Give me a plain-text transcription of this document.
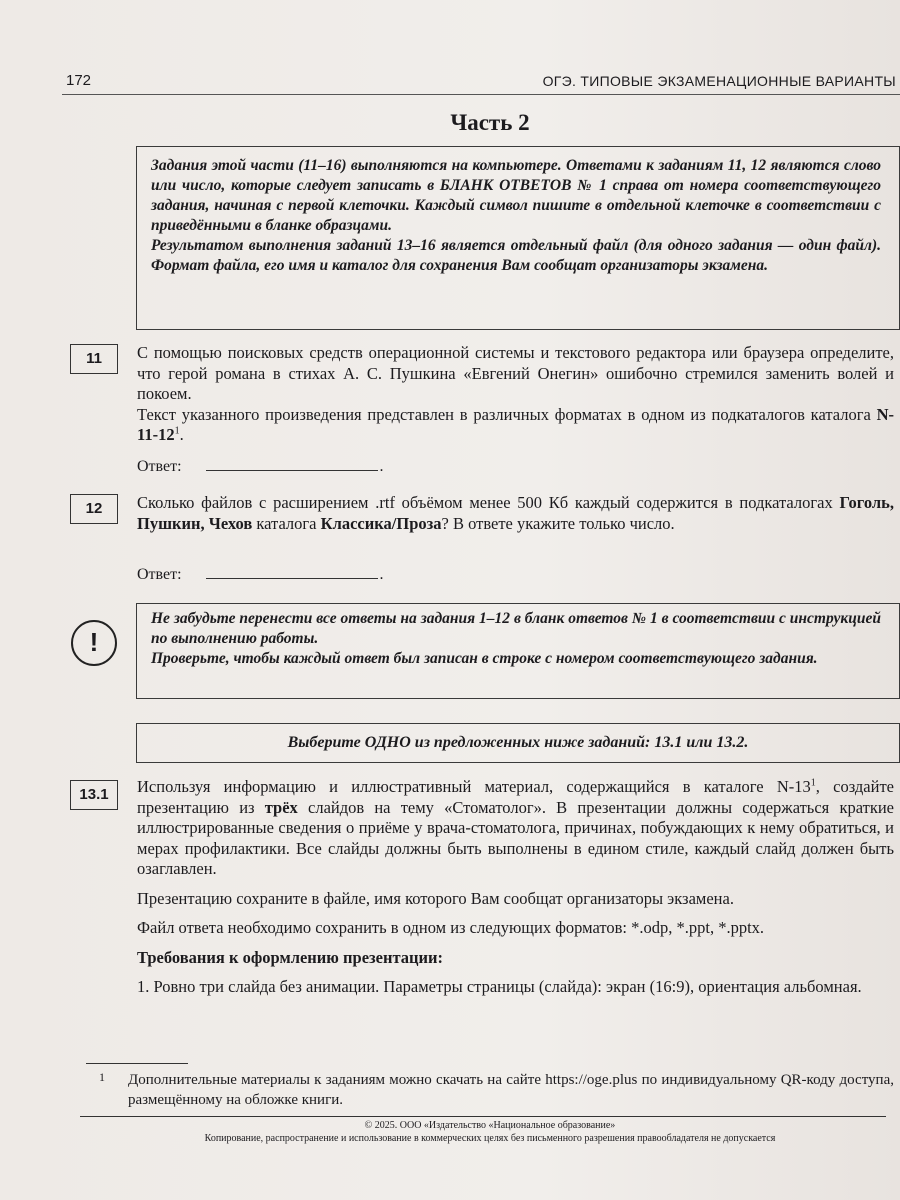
172	ОГЭ. ТИПОВЫЕ ЭКЗАМЕНАЦИОННЫЕ ВАРИАНТЫ
Часть 2

Задания этой части (11–16) выполняются на компьютере. Ответами к заданиям 11, 12 являются слово или число, которые следует записать в БЛАНК ОТВЕТОВ № 1 справа от номера соответствующего задания, начиная с первой клеточки. Каждый символ пишите в отдельной клеточке в соответствии с приведёнными в бланке образцами.

Результатом выполнения заданий 13–16 является отдельный файл (для одного задания — один файл). Формат файла, его имя и каталог для сохранения Вам сообщат организаторы экзамена.

11	С помощью поисковых средств операционной системы и текстового редактора или браузера определите, что герой романа в стихах А. С. Пушкина «Евгений Онегин» ошибочно стремился заменить волей и покоем.

Текст указанного произведения представлен в различных форматах в одном из подкаталогов каталога $N-11-12^1$.

Ответ:	.
12	Сколько файлов с расширением .rtf объёмом менее 500 Кб каждый содержится в подкаталогах Гоголь, Пушкин, Чехов каталога Классика/Проза? В ответе укажите только число.

Ответ:	.
!

Не забудьте перенести все ответы на задания 1–12 в бланк ответов № 1 в соответствии с инструкцией по выполнению работы.

Проверьте, чтобы каждый ответ был записан в строке с номером соответствующего задания.

Выберите ОДНО из предложенных ниже заданий: 13.1 или 13.2.
13.1	Используя информацию и иллюстративный материал, содержащийся в каталоге $N-13^1$, создайте презентацию из трёх слайдов на тему «Стоматолог». В презентации должны содержаться краткие иллюстрированные сведения о приёме у врача-стоматолога, причинах, побуждающих к нему обратиться, и мерах профилактики. Все слайды должны быть выполнены в едином стиле, каждый слайд должен быть озаглавлен.

Презентацию сохраните в файле, имя которого Вам сообщат организаторы экзамена.

Файл ответа необходимо сохранить в одном из следующих форматов: *.odp, *.ppt, *.pptx.

Требования к оформлению презентации:

1. Ровно три слайда без анимации. Параметры страницы (слайда): экран (16:9), ориентация альбомная.

1 Дополнительные материалы к заданиям можно скачать на сайте https://oge.plus по индивидуальному QR-коду доступа, размещённому на обложке книги.
© 2025. ООО «Издательство «Национальное образование»
Копирование, распространение и использование в коммерческих целях без письменного разрешения правообладателя не допускается
